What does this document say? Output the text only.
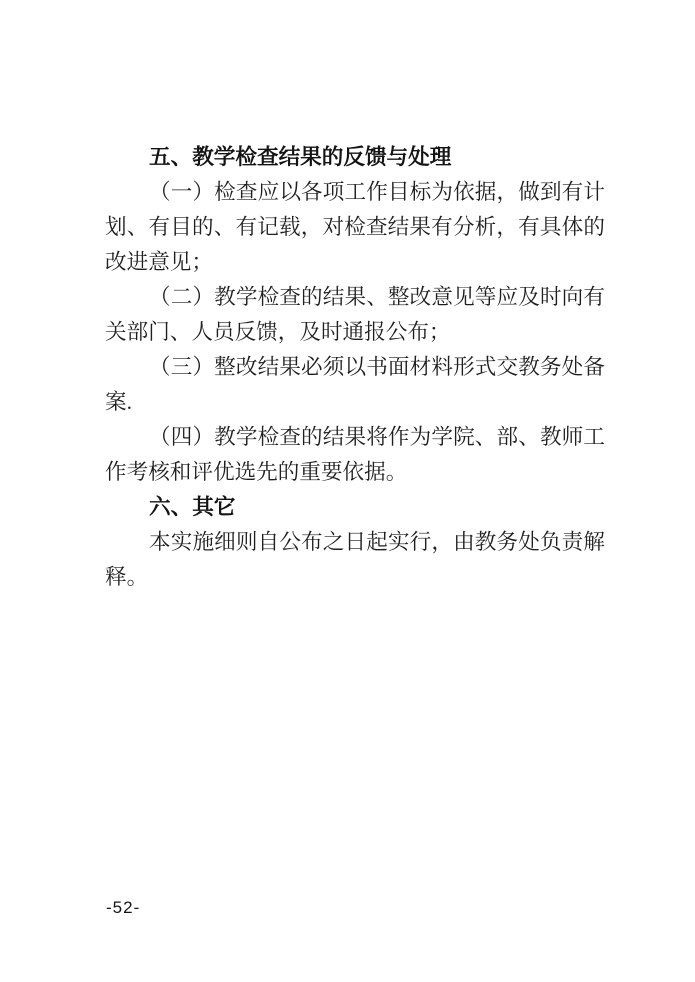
五、教学检查结果的反馈与处理
（一）检查应以各项工作目标为依据，做到有计
划、有目的、有记载，对检查结果有分析，有具体的
改进意见；
（二）教学检查的结果、整改意见等应及时向有
关部门、人员反馈，及时通报公布；
（三）整改结果必须以书面材料形式交教务处备
案.
（四）教学检查的结果将作为学院、部、教师工
作考核和评优选先的重要依据。
六、其它
本实施细则自公布之日起实行，由教务处负责解
释。
-52-
